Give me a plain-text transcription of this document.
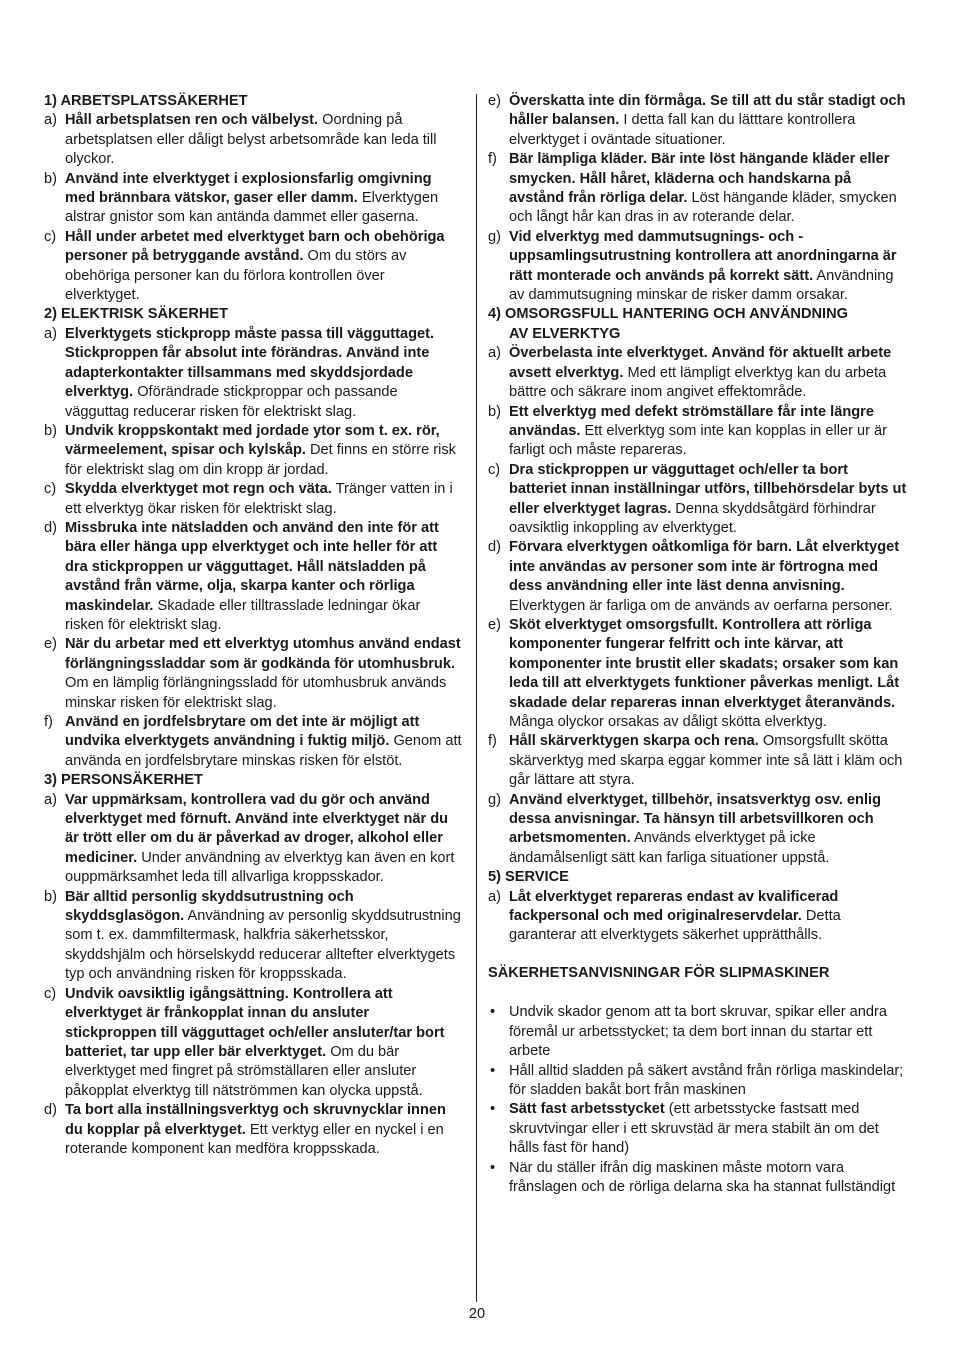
1) ARBETSPLATSSÄKERHET
a) Håll arbetsplatsen ren och välbelyst. Oordning på arbetsplatsen eller dåligt belyst arbetsområde kan leda till olyckor.
b) Använd inte elverktyget i explosionsfarlig omgivning med brännbara vätskor, gaser eller damm. Elverktygen alstrar gnistor som kan antända dammet eller gaserna.
c) Håll under arbetet med elverktyget barn och obehöriga personer på betryggande avstånd. Om du störs av obehöriga personer kan du förlora kontrollen över elverktyget.
2) ELEKTRISK SÄKERHET
a) Elverktygets stickpropp måste passa till vägguttaget. Stickproppen får absolut inte förändras. Använd inte adapterkontakter tillsammans med skyddsjordade elverktyg. Oförändrade stickproppar och passande vägguttag reducerar risken för elektriskt slag.
b) Undvik kroppskontakt med jordade ytor som t. ex. rör, värmeelement, spisar och kylskåp. Det finns en större risk för elektriskt slag om din kropp är jordad.
c) Skydda elverktyget mot regn och väta. Tränger vatten in i ett elverktyg ökar risken för elektriskt slag.
d) Missbruka inte nätsladden och använd den inte för att bära eller hänga upp elverktyget och inte heller för att dra stickproppen ur vägguttaget. Håll nätsladden på avstånd från värme, olja, skarpa kanter och rörliga maskindelar. Skadade eller tilltrasslade ledningar ökar risken för elektriskt slag.
e) När du arbetar med ett elverktyg utomhus använd endast förlängningssladdar som är godkända för utomhusbruk. Om en lämplig förlängningssladd för utomhusbruk används minskar risken för elektriskt slag.
f) Använd en jordfelsbrytare om det inte är möjligt att undvika elverktygets användning i fuktig miljö. Genom att använda en jordfelsbrytare minskas risken för elstöt.
3) PERSONSÄKERHET
a) Var uppmärksam, kontrollera vad du gör och använd elverktyget med förnuft. Använd inte elverktyget när du är trött eller om du är påverkad av droger, alkohol eller mediciner. Under användning av elverktyg kan även en kort ouppmärksamhet leda till allvarliga kroppsskador.
b) Bär alltid personlig skyddsutrustning och skyddsglasögon. Användning av personlig skyddsutrustning som t. ex. dammfiltermask, halkfria säkerhetsskor, skyddshjälm och hörselskydd reducerar alltefter elverktygets typ och användning risken för kroppsskada.
c) Undvik oavsiktlig igångsättning. Kontrollera att elverktyget är frånkopplat innan du ansluter stickproppen till vägguttaget och/eller ansluter/tar bort batteriet, tar upp eller bär elverktyget. Om du bär elverktyget med fingret på strömställaren eller ansluter påkopplat elverktyg till nätströmmen kan olycka uppstå.
d) Ta bort alla inställningsverktyg och skruvnycklar innen du kopplar på elverktyget. Ett verktyg eller en nyckel i en roterande komponent kan medföra kroppsskada.
e) Överskatta inte din förmåga. Se till att du står stadigt och håller balansen. I detta fall kan du lätttare kontrollera elverktyget i oväntade situationer.
f) Bär lämpliga kläder. Bär inte löst hängande kläder eller smycken. Håll håret, kläderna och handskarna på avstånd från rörliga delar. Löst hängande kläder, smycken och långt hår kan dras in av roterande delar.
g) Vid elverktyg med dammutsugnings- och -uppsamlingsutrustning kontrollera att anordningarna är rätt monterade och används på korrekt sätt. Användning av dammutsugning minskar de risker damm orsakar.
4) OMSORGSFULL HANTERING OCH ANVÄNDNING
AV ELVERKTYG
a) Överbelasta inte elverktyget. Använd för aktuellt arbete avsett elverktyg. Med ett lämpligt elverktyg kan du arbeta bättre och säkrare inom angivet effektområde.
b) Ett elverktyg med defekt strömställare får inte längre användas. Ett elverktyg som inte kan kopplas in eller ur är farligt och måste repareras.
c) Dra stickproppen ur vägguttaget och/eller ta bort batteriet innan inställningar utförs, tillbehörsdelar byts ut eller elverktyget lagras. Denna skyddsåtgärd förhindrar oavsiktlig inkoppling av elverktyget.
d) Förvara elverktygen oåtkomliga för barn. Låt elverktyget inte användas av personer som inte är förtrogna med dess användning eller inte läst denna anvisning. Elverktygen är farliga om de används av oerfarna personer.
e) Sköt elverktyget omsorgsfullt. Kontrollera att rörliga komponenter fungerar felfritt och inte kärvar, att komponenter inte brustit eller skadats; orsaker som kan leda till att elverktygets funktioner påverkas menligt. Låt skadade delar repareras innan elverktyget återanvänds. Många olyckor orsakas av dåligt skötta elverktyg.
f) Håll skärverktygen skarpa och rena. Omsorgsfullt skötta skärverktyg med skarpa eggar kommer inte så lätt i kläm och går lättare att styra.
g) Använd elverktyget, tillbehör, insatsverktyg osv. enlig dessa anvisningar. Ta hänsyn till arbetsvillkoren och arbetsmomenten. Används elverktyget på icke ändamålsenligt sätt kan farliga situationer uppstå.
5) SERVICE
a) Låt elverktyget repareras endast av kvalificerad fackpersonal och med originalreservdelar. Detta garanterar att elverktygets säkerhet upprätthålls.
SÄKERHETSANVISNINGAR FÖR SLIPMASKINER
• Undvik skador genom att ta bort skruvar, spikar eller andra föremål ur arbetsstycket; ta dem bort innan du startar ett arbete
• Håll alltid sladden på säkert avstånd från rörliga maskindelar; för sladden bakåt bort från maskinen
• Sätt fast arbetsstycket (ett arbetsstycke fastsatt med skruvtvingar eller i ett skruvstäd är mera stabilt än om det hålls fast för hand)
• När du ställer ifrån dig maskinen måste motorn vara frånslagen och de rörliga delarna ska ha stannat fullständigt
20
